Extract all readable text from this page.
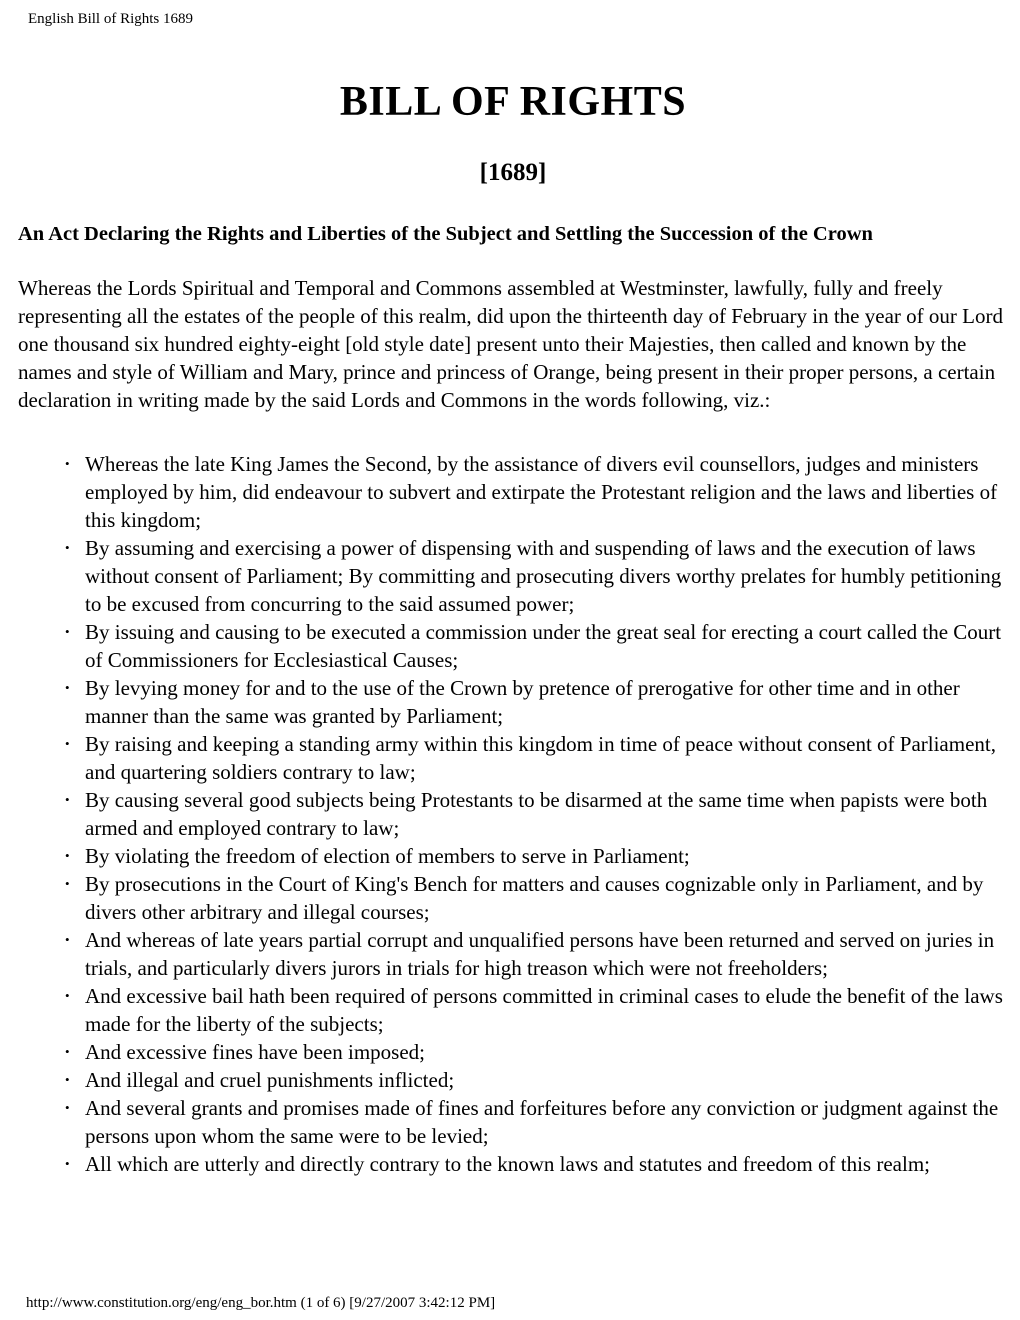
English Bill of Rights 1689
BILL OF RIGHTS
[1689]

An Act Declaring the Rights and Liberties of the Subject and Settling the Succession of the Crown

Whereas the Lords Spiritual and Temporal and Commons assembled at Westminster, lawfully, fully and freely representing all the estates of the people of this realm, did upon the thirteenth day of February in the year of our Lord one thousand six hundred eighty-eight [old style date] present unto their Majesties, then called and known by the names and style of William and Mary, prince and princess of Orange, being present in their proper persons, a certain declaration in writing made by the said Lords and Commons in the words following, viz.:

• Whereas the late King James the Second, by the assistance of divers evil counsellors, judges and ministers employed by him, did endeavour to subvert and extirpate the Protestant religion and the laws and liberties of this kingdom;
• By assuming and exercising a power of dispensing with and suspending of laws and the execution of laws without consent of Parliament; By committing and prosecuting divers worthy prelates for humbly petitioning to be excused from concurring to the said assumed power;
• By issuing and causing to be executed a commission under the great seal for erecting a court called the Court of Commissioners for Ecclesiastical Causes;
• By levying money for and to the use of the Crown by pretence of prerogative for other time and in other manner than the same was granted by Parliament;
• By raising and keeping a standing army within this kingdom in time of peace without consent of Parliament, and quartering soldiers contrary to law;
• By causing several good subjects being Protestants to be disarmed at the same time when papists were both armed and employed contrary to law;
• By violating the freedom of election of members to serve in Parliament;
• By prosecutions in the Court of King's Bench for matters and causes cognizable only in Parliament, and by divers other arbitrary and illegal courses;
• And whereas of late years partial corrupt and unqualified persons have been returned and served on juries in trials, and particularly divers jurors in trials for high treason which were not freeholders;
• And excessive bail hath been required of persons committed in criminal cases to elude the benefit of the laws made for the liberty of the subjects;
• And excessive fines have been imposed;
• And illegal and cruel punishments inflicted;
• And several grants and promises made of fines and forfeitures before any conviction or judgment against the persons upon whom the same were to be levied;
• All which are utterly and directly contrary to the known laws and statutes and freedom of this realm;
http://www.constitution.org/eng/eng_bor.htm (1 of 6) [9/27/2007 3:42:12 PM]
